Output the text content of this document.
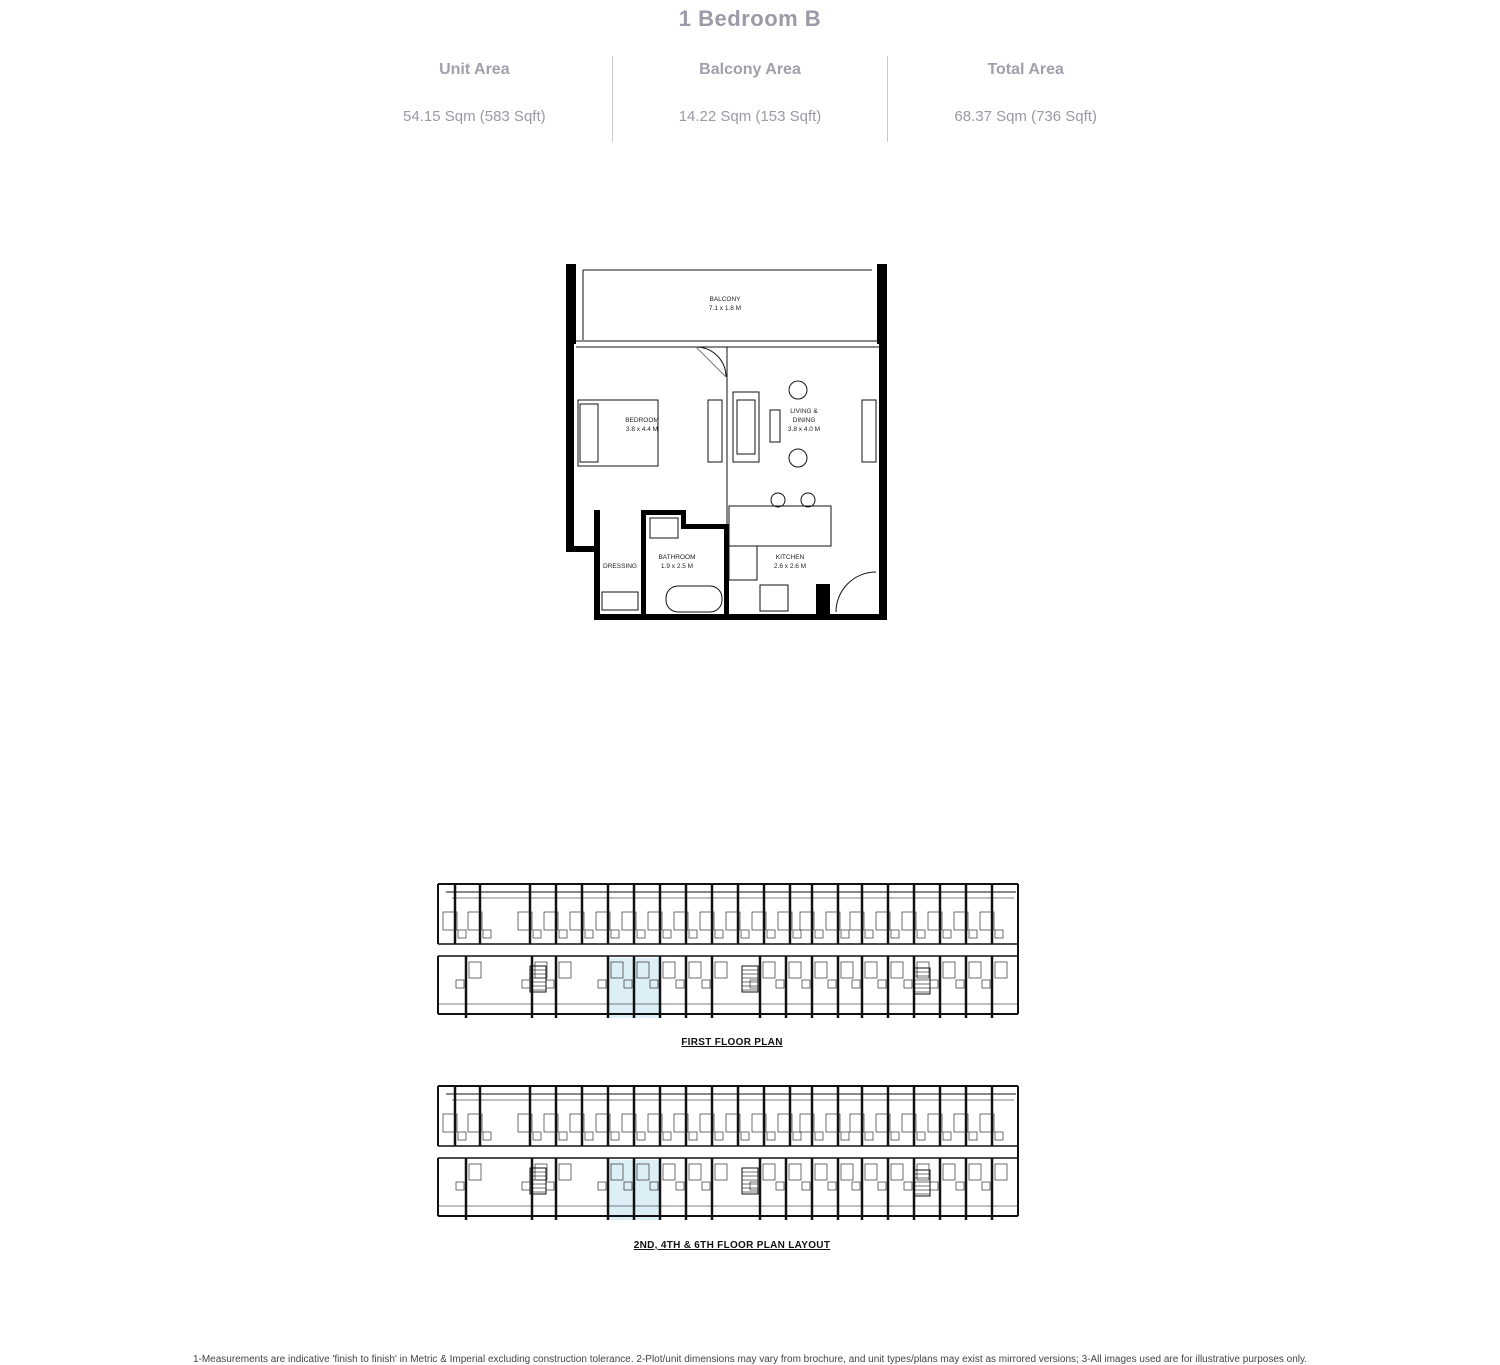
1 Bedroom B
Unit Area
54.15 Sqm (583 Sqft)
Balcony Area
14.22 Sqm (153 Sqft)
Total Area
68.37 Sqm (736 Sqft)
BALCONY
7.1 x 1.8 M
BEDROOM
3.8 x 4.4 M
LIVING &
DINING
3.8 x 4.0 M
KITCHEN
2.6 x 2.6 M
BATHROOM
1.9 x 2.5 M
DRESSING
FIRST FLOOR PLAN
2ND, 4TH & 6TH FLOOR PLAN LAYOUT
1-Measurements are indicative 'finish to finish' in Metric & Imperial excluding construction tolerance. 2-Plot/unit dimensions may vary from brochure, and unit types/plans may exist as mirrored versions; 3-All images used are for illustrative purposes only.
